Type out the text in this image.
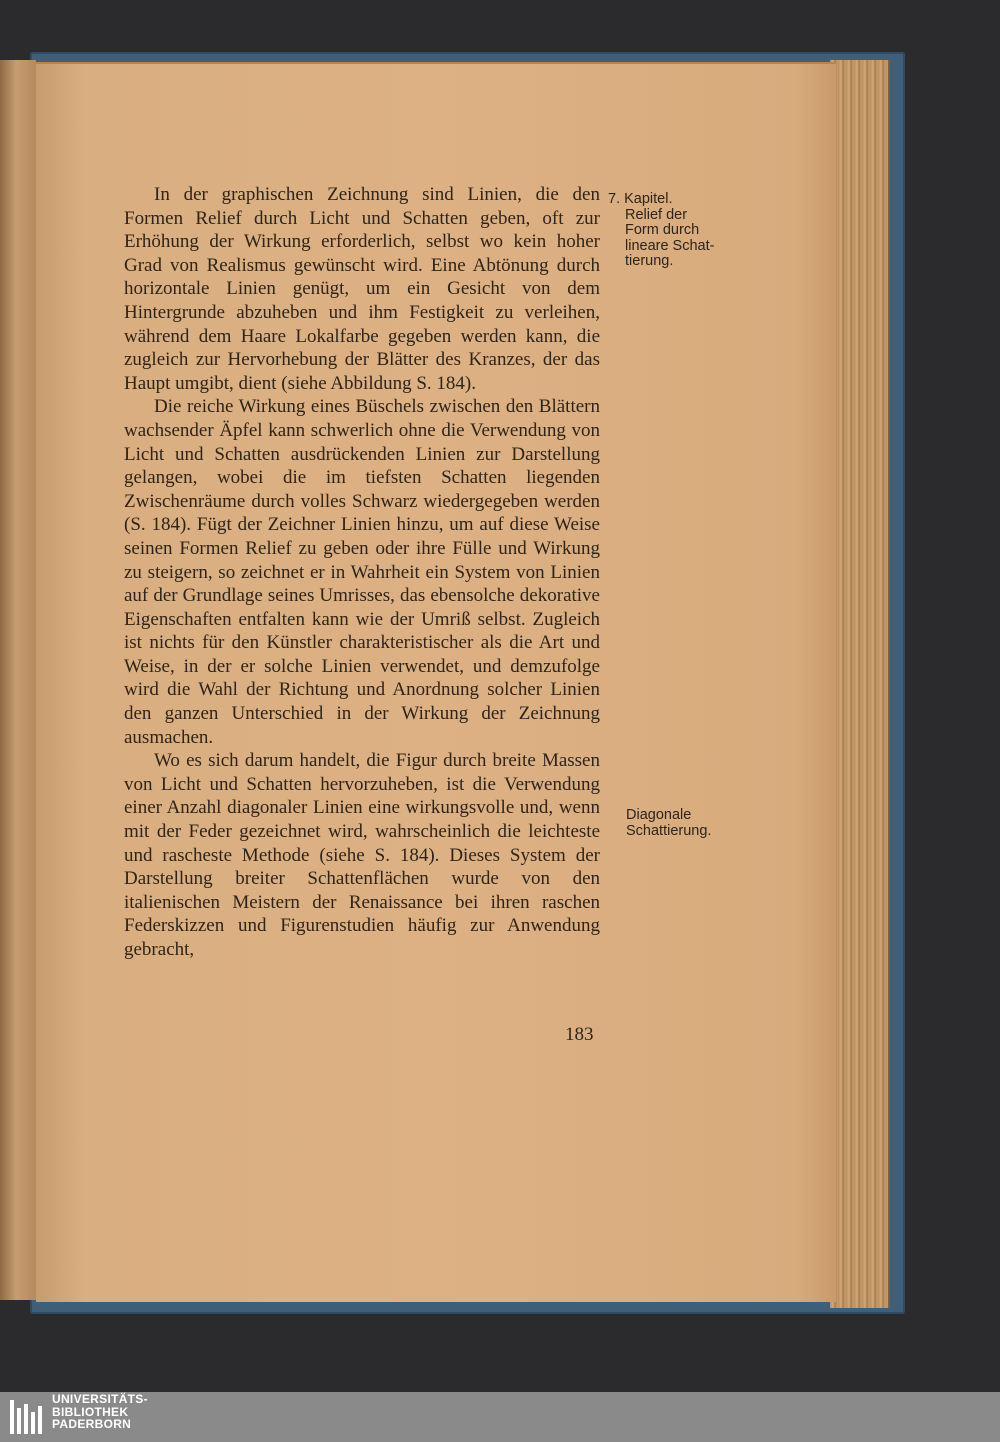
In der graphischen Zeichnung sind Linien, die den Formen Relief durch Licht und Schatten geben, oft zur Erhöhung der Wirkung erforderlich, selbst wo kein hoher Grad von Realismus gewünscht wird. Eine Abtönung durch horizontale Linien genügt, um ein Gesicht von dem Hintergrunde abzuheben und ihm Festigkeit zu verleihen, während dem Haare Lokalfarbe gegeben werden kann, die zugleich zur Hervorhebung der Blätter des Kranzes, der das Haupt umgibt, dient (siehe Abbildung S. 184).

Die reiche Wirkung eines Büschels zwischen den Blättern wachsender Äpfel kann schwerlich ohne die Verwendung von Licht und Schatten ausdrückenden Linien zur Darstellung gelangen, wobei die im tiefsten Schatten liegenden Zwischenräume durch volles Schwarz wiedergegeben werden (S. 184). Fügt der Zeichner Linien hinzu, um auf diese Weise seinen Formen Relief zu geben oder ihre Fülle und Wirkung zu steigern, so zeichnet er in Wahrheit ein System von Linien auf der Grundlage seines Umrisses, das ebensolche dekorative Eigenschaften entfalten kann wie der Umriß selbst. Zugleich ist nichts für den Künstler charakteristischer als die Art und Weise, in der er solche Linien verwendet, und demzufolge wird die Wahl der Richtung und Anordnung solcher Linien den ganzen Unterschied in der Wirkung der Zeichnung ausmachen.

Wo es sich darum handelt, die Figur durch breite Massen von Licht und Schatten hervorzuheben, ist die Verwendung einer Anzahl diagonaler Linien eine wirkungsvolle und, wenn mit der Feder gezeichnet wird, wahrscheinlich die leichteste und rascheste Methode (siehe S. 184). Dieses System der Darstellung breiter Schattenflächen wurde von den italienischen Meistern der Renaissance bei ihren raschen Federskizzen und Figurenstudien häufig zur Anwendung gebracht,

7. Kapitel.
Relief der
Form durch
lineare Schat-
tierung.
Diagonale
Schattierung.
183
UNIVERSITÄTS-
BIBLIOTHEK
PADERBORN
